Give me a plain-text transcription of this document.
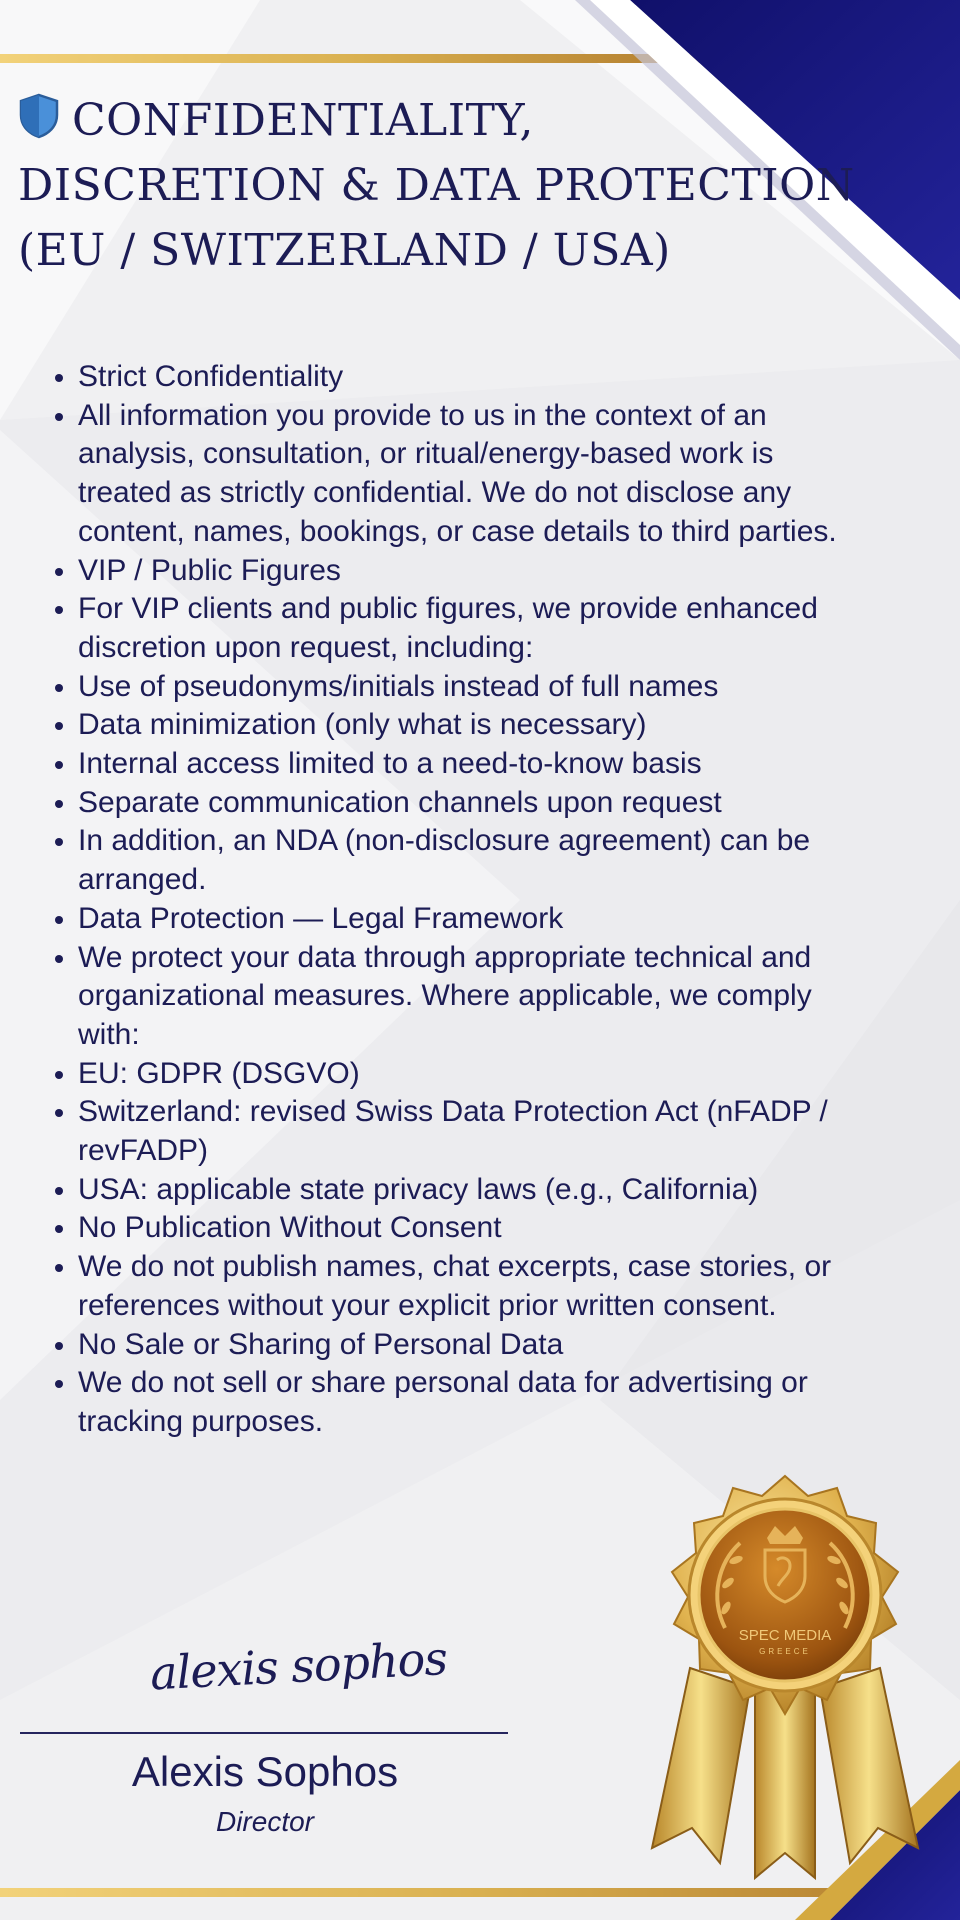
CONFIDENTIALITY,
DISCRETION & DATA PROTECTION
(EU / SWITZERLAND / USA)
• Strict Confidentiality
• All information you provide to us in the context of an analysis, consultation, or ritual/energy-based work is treated as strictly confidential. We do not disclose any content, names, bookings, or case details to third parties.
• VIP / Public Figures
• For VIP clients and public figures, we provide enhanced discretion upon request, including:
• Use of pseudonyms/initials instead of full names
• Data minimization (only what is necessary)
• Internal access limited to a need-to-know basis
• Separate communication channels upon request
• In addition, an NDA (non-disclosure agreement) can be arranged.
• Data Protection — Legal Framework
• We protect your data through appropriate technical and organizational measures. Where applicable, we comply with:
• EU: GDPR (DSGVO)
• Switzerland: revised Swiss Data Protection Act (nFADP / revFADP)
• USA: applicable state privacy laws (e.g., California)
• No Publication Without Consent
• We do not publish names, chat excerpts, case stories, or references without your explicit prior written consent.
• No Sale or Sharing of Personal Data
• We do not sell or share personal data for advertising or tracking purposes.
alexis sophos
Alexis Sophos
Director
SPEC MEDIA
GREECE
